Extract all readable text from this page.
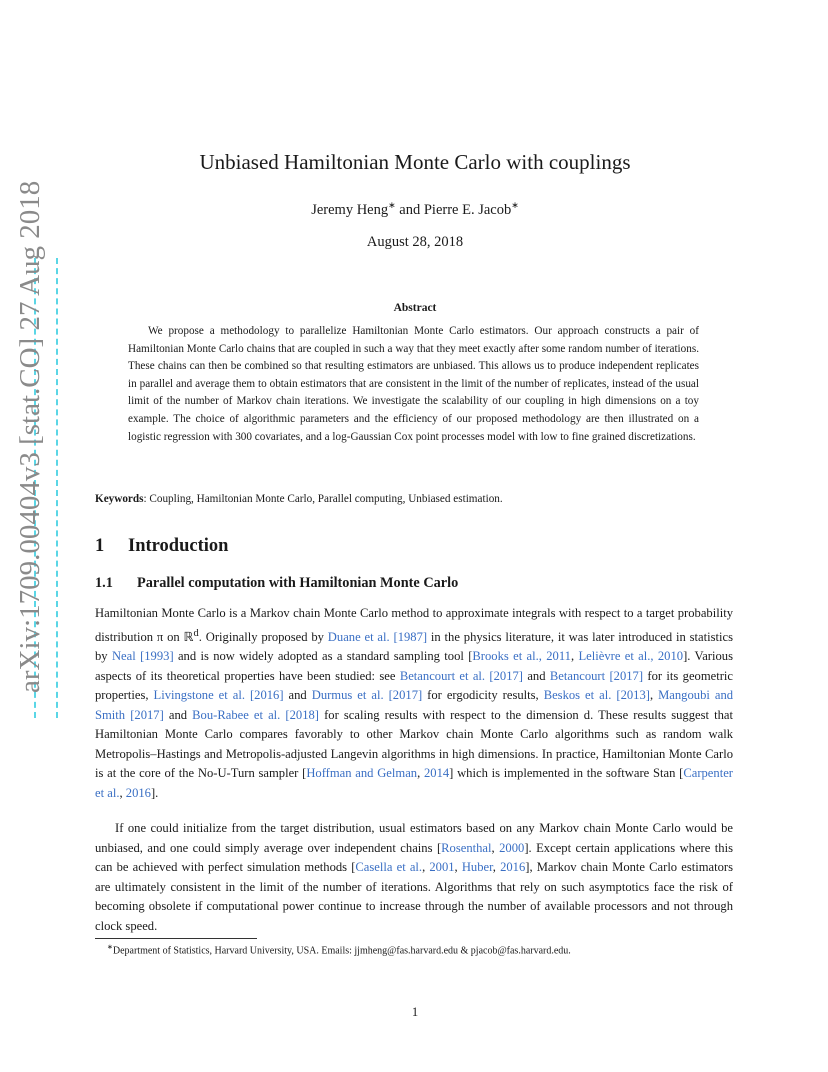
arXiv:1709.00404v3 [stat.CO] 27 Aug 2018
Unbiased Hamiltonian Monte Carlo with couplings
Jeremy Heng∗ and Pierre E. Jacob∗
August 28, 2018
Abstract
We propose a methodology to parallelize Hamiltonian Monte Carlo estimators. Our approach constructs a pair of Hamiltonian Monte Carlo chains that are coupled in such a way that they meet exactly after some random number of iterations. These chains can then be combined so that resulting estimators are unbiased. This allows us to produce independent replicates in parallel and average them to obtain estimators that are consistent in the limit of the number of replicates, instead of the usual limit of the number of Markov chain iterations. We investigate the scalability of our coupling in high dimensions on a toy example. The choice of algorithmic parameters and the efficiency of our proposed methodology are then illustrated on a logistic regression with 300 covariates, and a log-Gaussian Cox point processes model with low to fine grained discretizations.
Keywords: Coupling, Hamiltonian Monte Carlo, Parallel computing, Unbiased estimation.
1 Introduction
1.1 Parallel computation with Hamiltonian Monte Carlo
Hamiltonian Monte Carlo is a Markov chain Monte Carlo method to approximate integrals with respect to a target probability distribution π on ℝ$^d$. Originally proposed by Duane et al. [1987] in the physics literature, it was later introduced in statistics by Neal [1993] and is now widely adopted as a standard sampling tool [Brooks et al., 2011, Lelièvre et al., 2010]. Various aspects of its theoretical properties have been studied: see Betancourt et al. [2017] and Betancourt [2017] for its geometric properties, Livingstone et al. [2016] and Durmus et al. [2017] for ergodicity results, Beskos et al. [2013], Mangoubi and Smith [2017] and Bou-Rabee et al. [2018] for scaling results with respect to the dimension d. These results suggest that Hamiltonian Monte Carlo compares favorably to other Markov chain Monte Carlo algorithms such as random walk Metropolis–Hastings and Metropolis-adjusted Langevin algorithms in high dimensions. In practice, Hamiltonian Monte Carlo is at the core of the No-U-Turn sampler [Hoffman and Gelman, 2014] which is implemented in the software Stan [Carpenter et al., 2016].
If one could initialize from the target distribution, usual estimators based on any Markov chain Monte Carlo would be unbiased, and one could simply average over independent chains [Rosenthal, 2000]. Except certain applications where this can be achieved with perfect simulation methods [Casella et al., 2001, Huber, 2016], Markov chain Monte Carlo estimators are ultimately consistent in the limit of the number of iterations. Algorithms that rely on such asymptotics face the risk of becoming obsolete if computational power continue to increase through the number of available processors and not through clock speed.
∗Department of Statistics, Harvard University, USA. Emails: jjmheng@fas.harvard.edu & pjacob@fas.harvard.edu.
1
